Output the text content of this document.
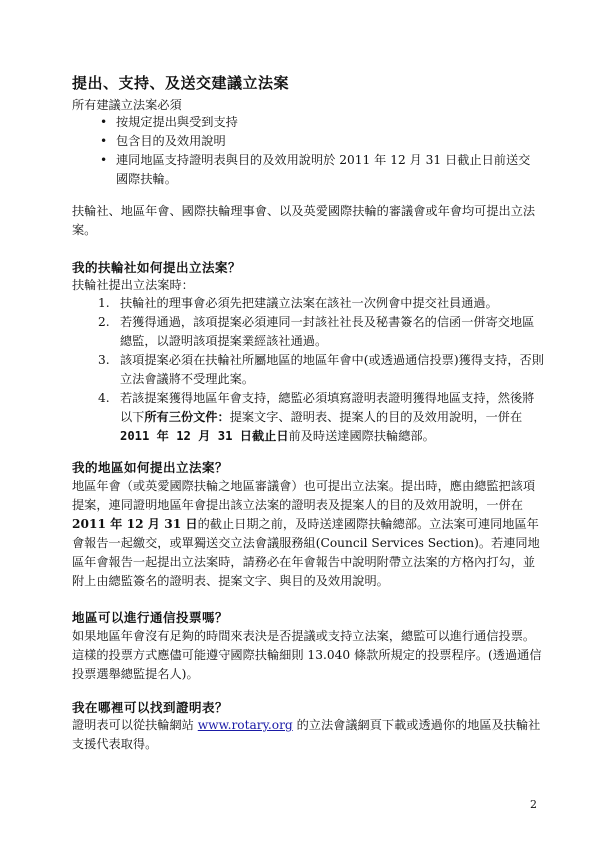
提出、支持、及送交建議立法案

所有建議立法案必須

• 按規定提出與受到支持
• 包含目的及效用說明
• 連同地區支持證明表與目的及效用說明於 2011 年 12 月 31 日截止日前送交國際扶輪。

扶輪社、地區年會、國際扶輪理事會、以及英愛國際扶輪的審議會或年會均可提出立法案。

我的扶輪社如何提出立法案？

扶輪社提出立法案時：

1. 扶輪社的理事會必須先把建議立法案在該社一次例會中提交社員通過。
2. 若獲得通過，該項提案必須連同一封該社社長及秘書簽名的信函一併寄交地區總監，以證明該項提案業經該社通過。
3. 該項提案必須在扶輪社所屬地區的地區年會中(或透過通信投票)獲得支持，否則立法會議將不受理此案。
4. 若該提案獲得地區年會支持，總監必須填寫證明表證明獲得地區支持，然後將以下所有三份文件：提案文字、證明表、提案人的目的及效用說明，一併在2011 年 12 月 31 日截止日前及時送達國際扶輪總部。
我的地區如何提出立法案？

地區年會（或英愛國際扶輪之地區審議會）也可提出立法案。提出時，應由總監把該項提案，連同證明地區年會提出該立法案的證明表及提案人的目的及效用說明，一併在2011 年 12 月 31 日的截止日期之前，及時送達國際扶輪總部。立法案可連同地區年會報告一起繳交，或單獨送交立法會議服務組(Council Services Section)。若連同地區年會報告一起提出立法案時，請務必在年會報告中說明附帶立法案的方格內打勾，並附上由總監簽名的證明表、提案文字、與目的及效用說明。

地區可以進行通信投票嗎？

如果地區年會沒有足夠的時間來表決是否提議或支持立法案，總監可以進行通信投票。這樣的投票方式應儘可能遵守國際扶輪細則 13.040 條款所規定的投票程序。(透過通信投票選舉總監提名人)。

我在哪裡可以找到證明表？

證明表可以從扶輪網站 www.rotary.org 的立法會議網頁下載或透過你的地區及扶輪社支援代表取得。

2
